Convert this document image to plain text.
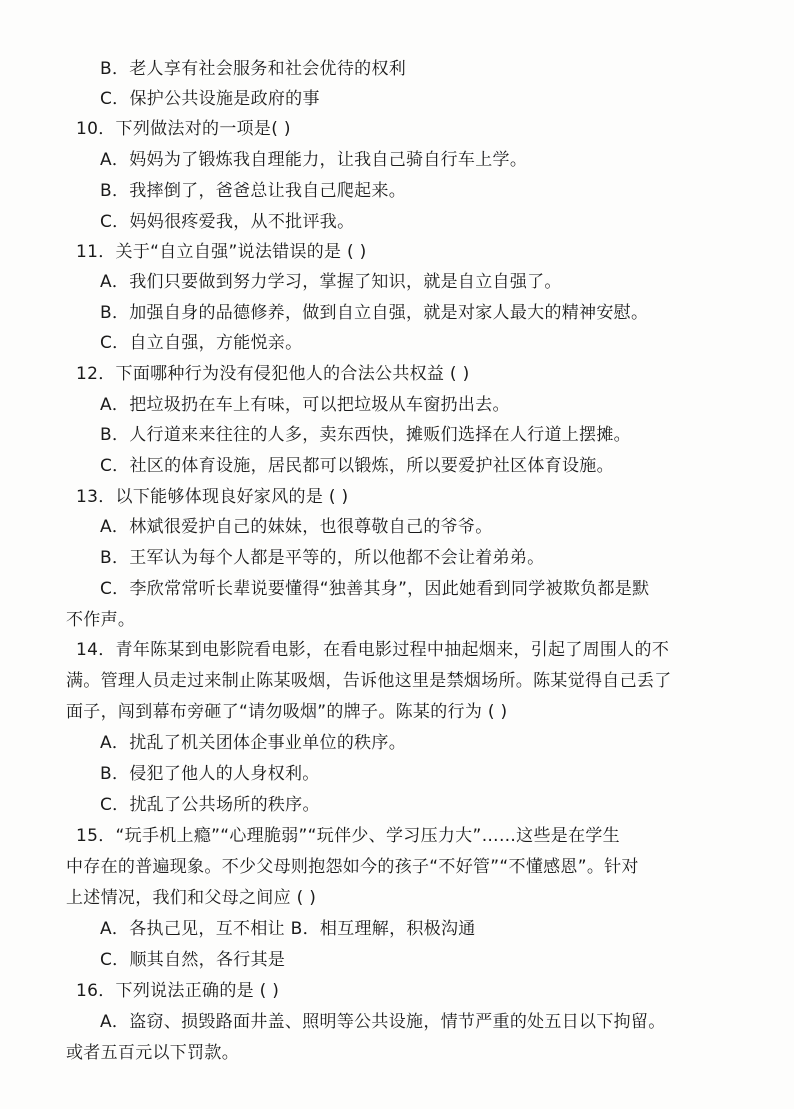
B．老人享有社会服务和社会优待的权利
C．保护公共设施是政府的事
10．下列做法对的一项是( )
A．妈妈为了锻炼我自理能力，让我自己骑自行车上学。
B．我摔倒了，爸爸总让我自己爬起来。
C．妈妈很疼爱我，从不批评我。
11．关于“自立自强”说法错误的是 ( )
A．我们只要做到努力学习，掌握了知识，就是自立自强了。
B．加强自身的品德修养，做到自立自强，就是对家人最大的精神安慰。
C．自立自强，方能悦亲。
12．下面哪种行为没有侵犯他人的合法公共权益 ( )
A．把垃圾扔在车上有味，可以把垃圾从车窗扔出去。
B．人行道来来往往的人多，卖东西快，摊贩们选择在人行道上摆摊。
C．社区的体育设施，居民都可以锻炼，所以要爱护社区体育设施。
13．以下能够体现良好家风的是 ( )
A．林斌很爱护自己的妹妹，也很尊敬自己的爷爷。
B．王军认为每个人都是平等的，所以他都不会让着弟弟。
C．李欣常常听长辈说要懂得“独善其身”，因此她看到同学被欺负都是默
不作声。
14．青年陈某到电影院看电影，在看电影过程中抽起烟来，引起了周围人的不
满。管理人员走过来制止陈某吸烟，告诉他这里是禁烟场所。陈某觉得自己丢了
面子，闯到幕布旁砸了“请勿吸烟”的牌子。陈某的行为 ( )
A．扰乱了机关团体企事业单位的秩序。
B．侵犯了他人的人身权利。
C．扰乱了公共场所的秩序。
15．“玩手机上瘾”“心理脆弱”“玩伴少、学习压力大”……这些是在学生
中存在的普遍现象。不少父母则抱怨如今的孩子“不好管”“不懂感恩”。针对
上述情况，我们和父母之间应 ( )
A．各执己见，互不相让 B．相互理解，积极沟通
C．顺其自然，各行其是
16．下列说法正确的是 ( )
A．盗窃、损毁路面井盖、照明等公共设施，情节严重的处五日以下拘留。
或者五百元以下罚款。
